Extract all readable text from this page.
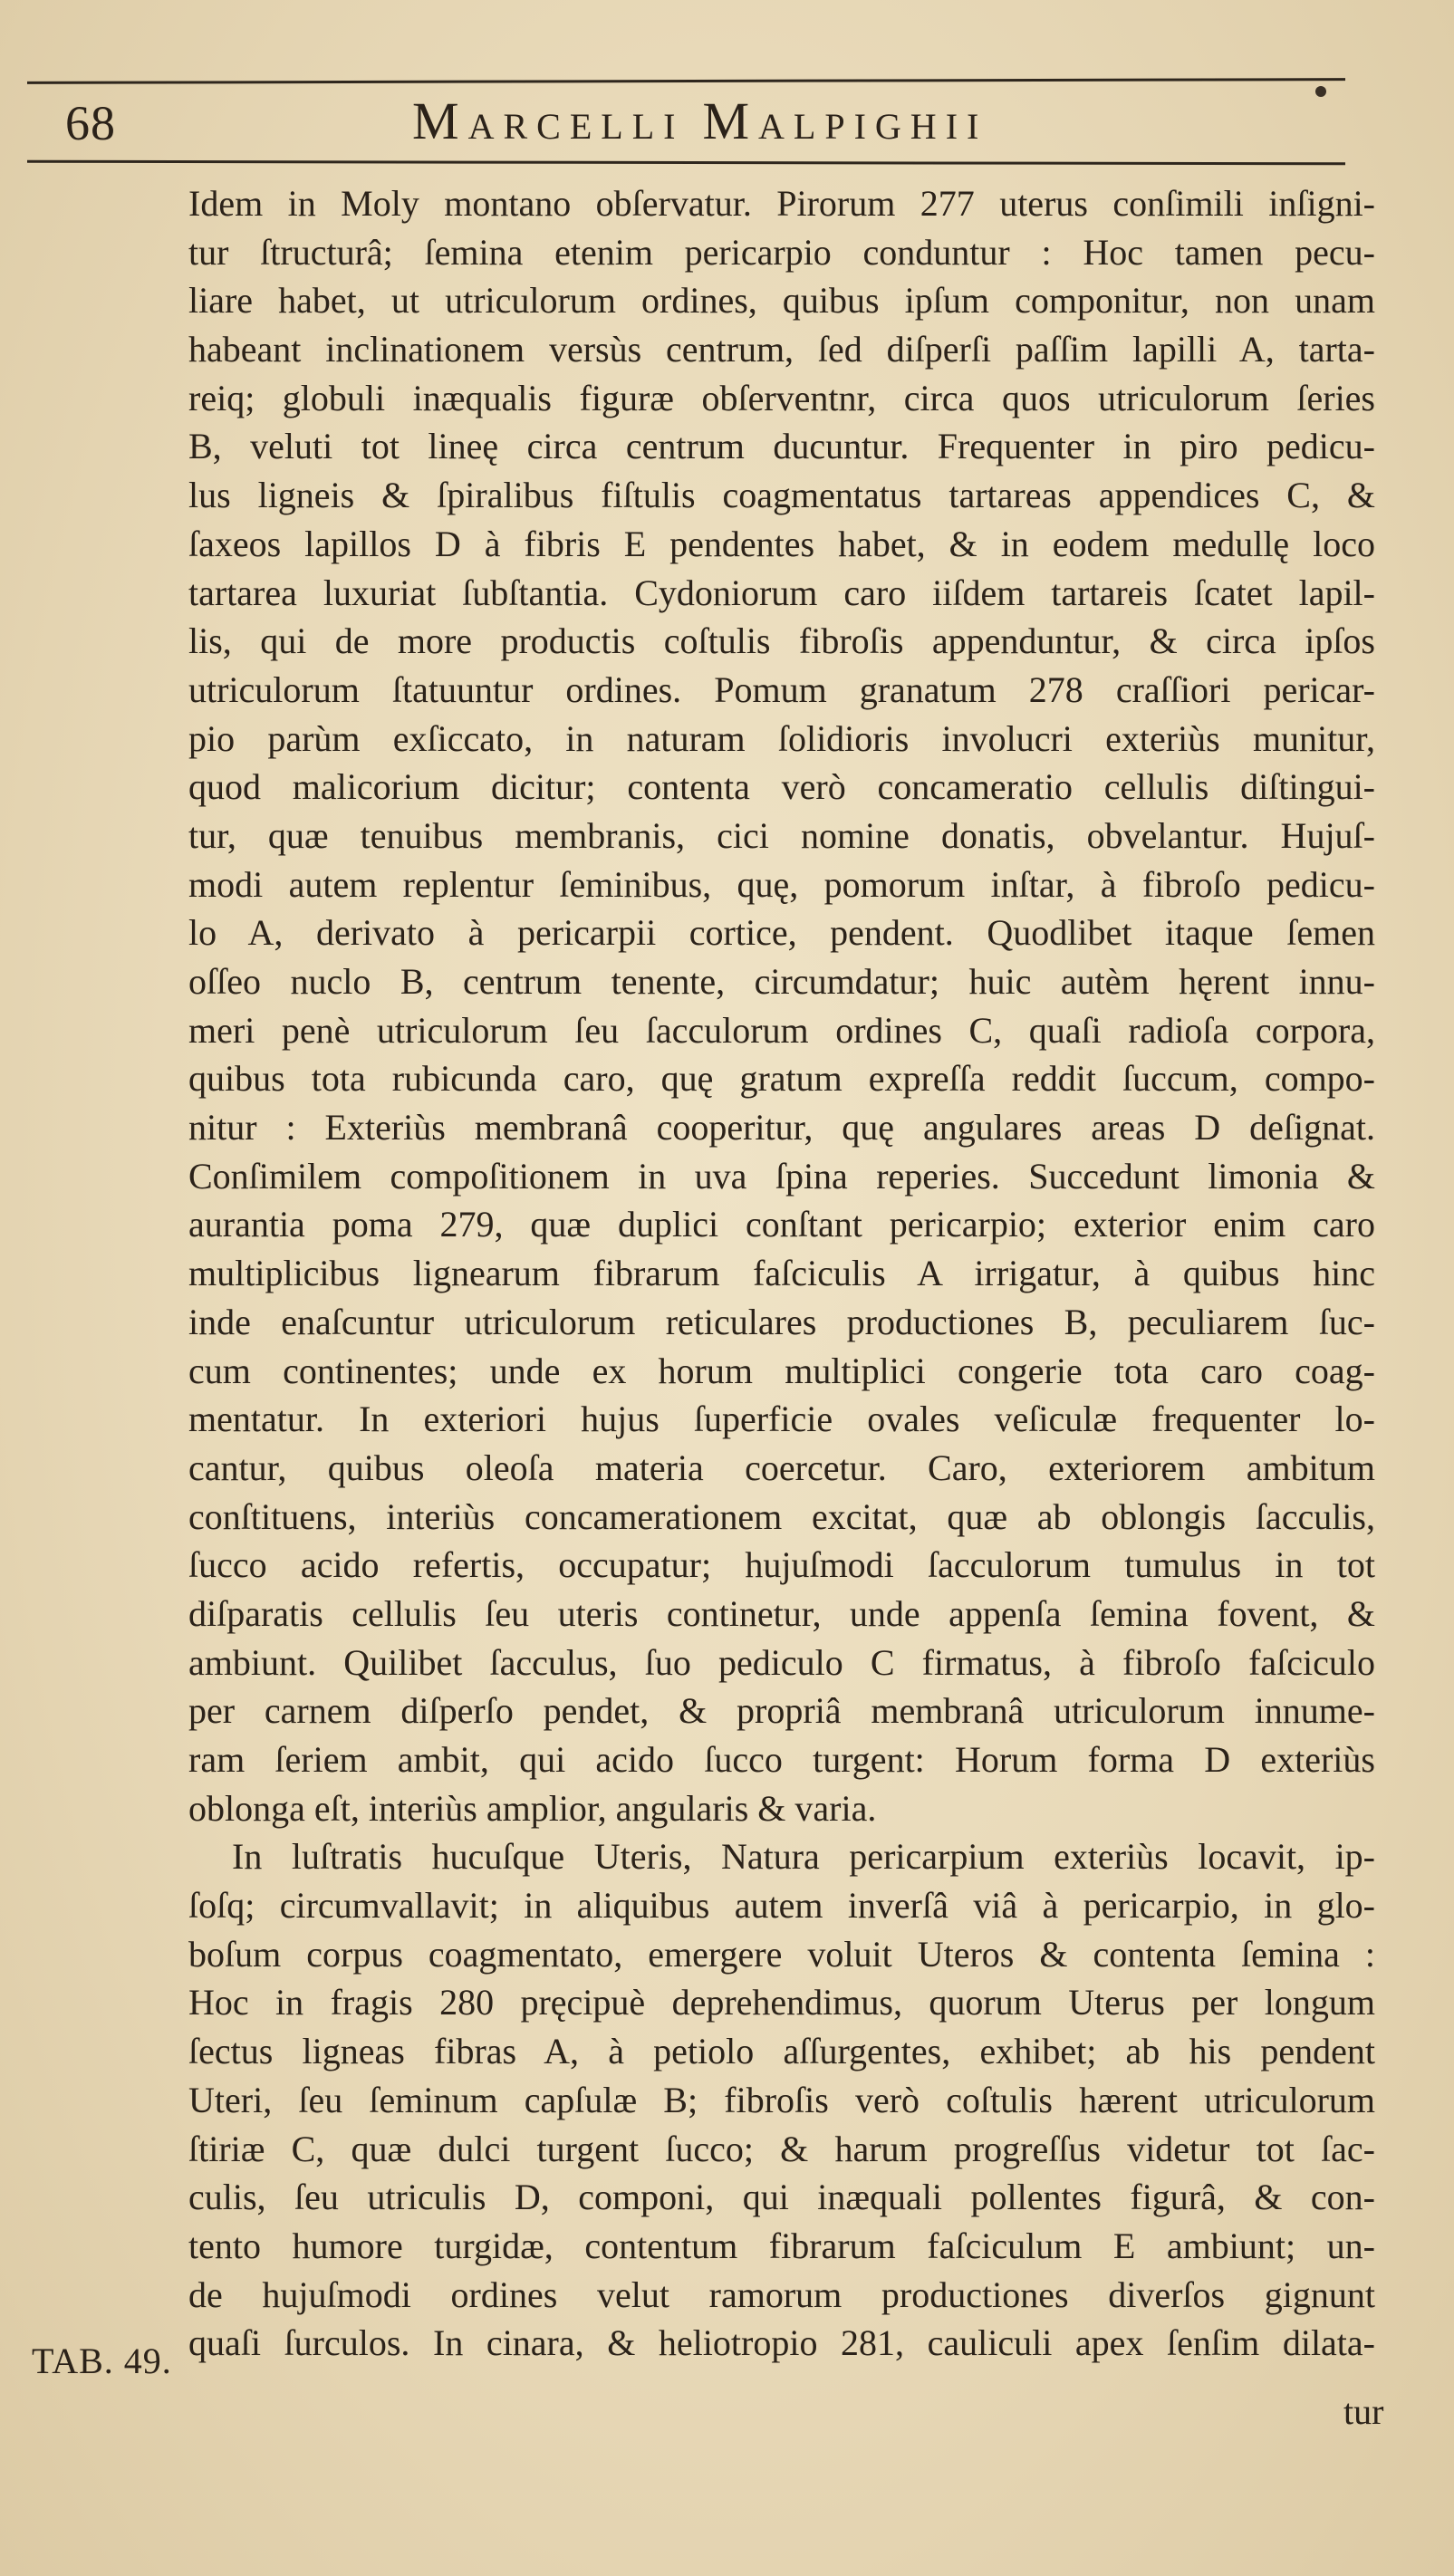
68	MARCELLI MALPIGHII
Idem in Moly montano obſervatur. Pirorum 277 uterus conſimili inſigni-
tur ſtructurâ; ſemina etenim pericarpio conduntur : Hoc tamen pecu-
liare habet, ut utriculorum ordines, quibus ipſum componitur, non unam
habeant inclinationem versùs centrum, ſed diſperſi paſſim lapilli A, tarta-
reiq; globuli inæqualis figuræ obſerventnr, circa quos utriculorum ſeries
B, veluti tot lineę circa centrum ducuntur. Frequenter in piro pedicu-
lus ligneis & ſpiralibus fiſtulis coagmentatus tartareas appendices C, &
ſaxeos lapillos D à fibris E pendentes habet, & in eodem medullę loco
tartarea luxuriat ſubſtantia. Cydoniorum caro iiſdem tartareis ſcatet lapil-
lis, qui de more productis coſtulis fibroſis appenduntur, & circa ipſos
utriculorum ſtatuuntur ordines. Pomum granatum 278 craſſiori pericar-
pio parùm exſiccato, in naturam ſolidioris involucri exteriùs munitur,
quod malicorium dicitur; contenta verò concameratio cellulis diſtingui-
tur, quæ tenuibus membranis, cici nomine donatis, obvelantur. Hujuſ-
modi autem replentur ſeminibus, quę, pomorum inſtar, à fibroſo pedicu-
lo A, derivato à pericarpii cortice, pendent. Quodlibet itaque ſemen
oſſeo nuclo B, centrum tenente, circumdatur; huic autèm hęrent innu-
meri penè utriculorum ſeu ſacculorum ordines C, quaſi radioſa corpora,
quibus tota rubicunda caro, quę gratum expreſſa reddit ſuccum, compo-
nitur : Exteriùs membranâ cooperitur, quę angulares areas D deſignat.
Conſimilem compoſitionem in uva ſpina reperies. Succedunt limonia &
aurantia poma 279, quæ duplici conſtant pericarpio; exterior enim caro
multiplicibus lignearum fibrarum faſciculis A irrigatur, à quibus hinc
inde enaſcuntur utriculorum reticulares productiones B, peculiarem ſuc-
cum continentes; unde ex horum multiplici congerie tota caro coag-
mentatur. In exteriori hujus ſuperficie ovales veſiculæ frequenter lo-
cantur, quibus oleoſa materia coercetur. Caro, exteriorem ambitum
conſtituens, interiùs concamerationem excitat, quæ ab oblongis ſacculis,
ſucco acido refertis, occupatur; hujuſmodi ſacculorum tumulus in tot
diſparatis cellulis ſeu uteris continetur, unde appenſa ſemina fovent, &
ambiunt. Quilibet ſacculus, ſuo pediculo C firmatus, à fibroſo faſciculo
per carnem diſperſo pendet, & propriâ membranâ utriculorum innume-
ram ſeriem ambit, qui acido ſucco turgent: Horum forma D exteriùs
oblonga eſt, interiùs amplior, angularis & varia.
In luſtratis hucuſque Uteris, Natura pericarpium exteriùs locavit, ip-
ſoſq; circumvallavit; in aliquibus autem inverſâ viâ à pericarpio, in glo-
boſum corpus coagmentato, emergere voluit Uteros & contenta ſemina :
Hoc in fragis 280 pręcipuè deprehendimus, quorum Uterus per longum
ſectus ligneas fibras A, à petiolo aſſurgentes, exhibet; ab his pendent
Uteri, ſeu ſeminum capſulæ B; fibroſis verò coſtulis hærent utriculorum
ſtiriæ C, quæ dulci turgent ſucco; & harum progreſſus videtur tot ſac-
culis, ſeu utriculis D, componi, qui inæquali pollentes figurâ, & con-
tento humore turgidæ, contentum fibrarum faſciculum E ambiunt; un-
de hujuſmodi ordines velut ramorum productiones diverſos gignunt
quaſi ſurculos. In cinara, & heliotropio 281, cauliculi apex ſenſim dilata-
TAB. 49.
tur
